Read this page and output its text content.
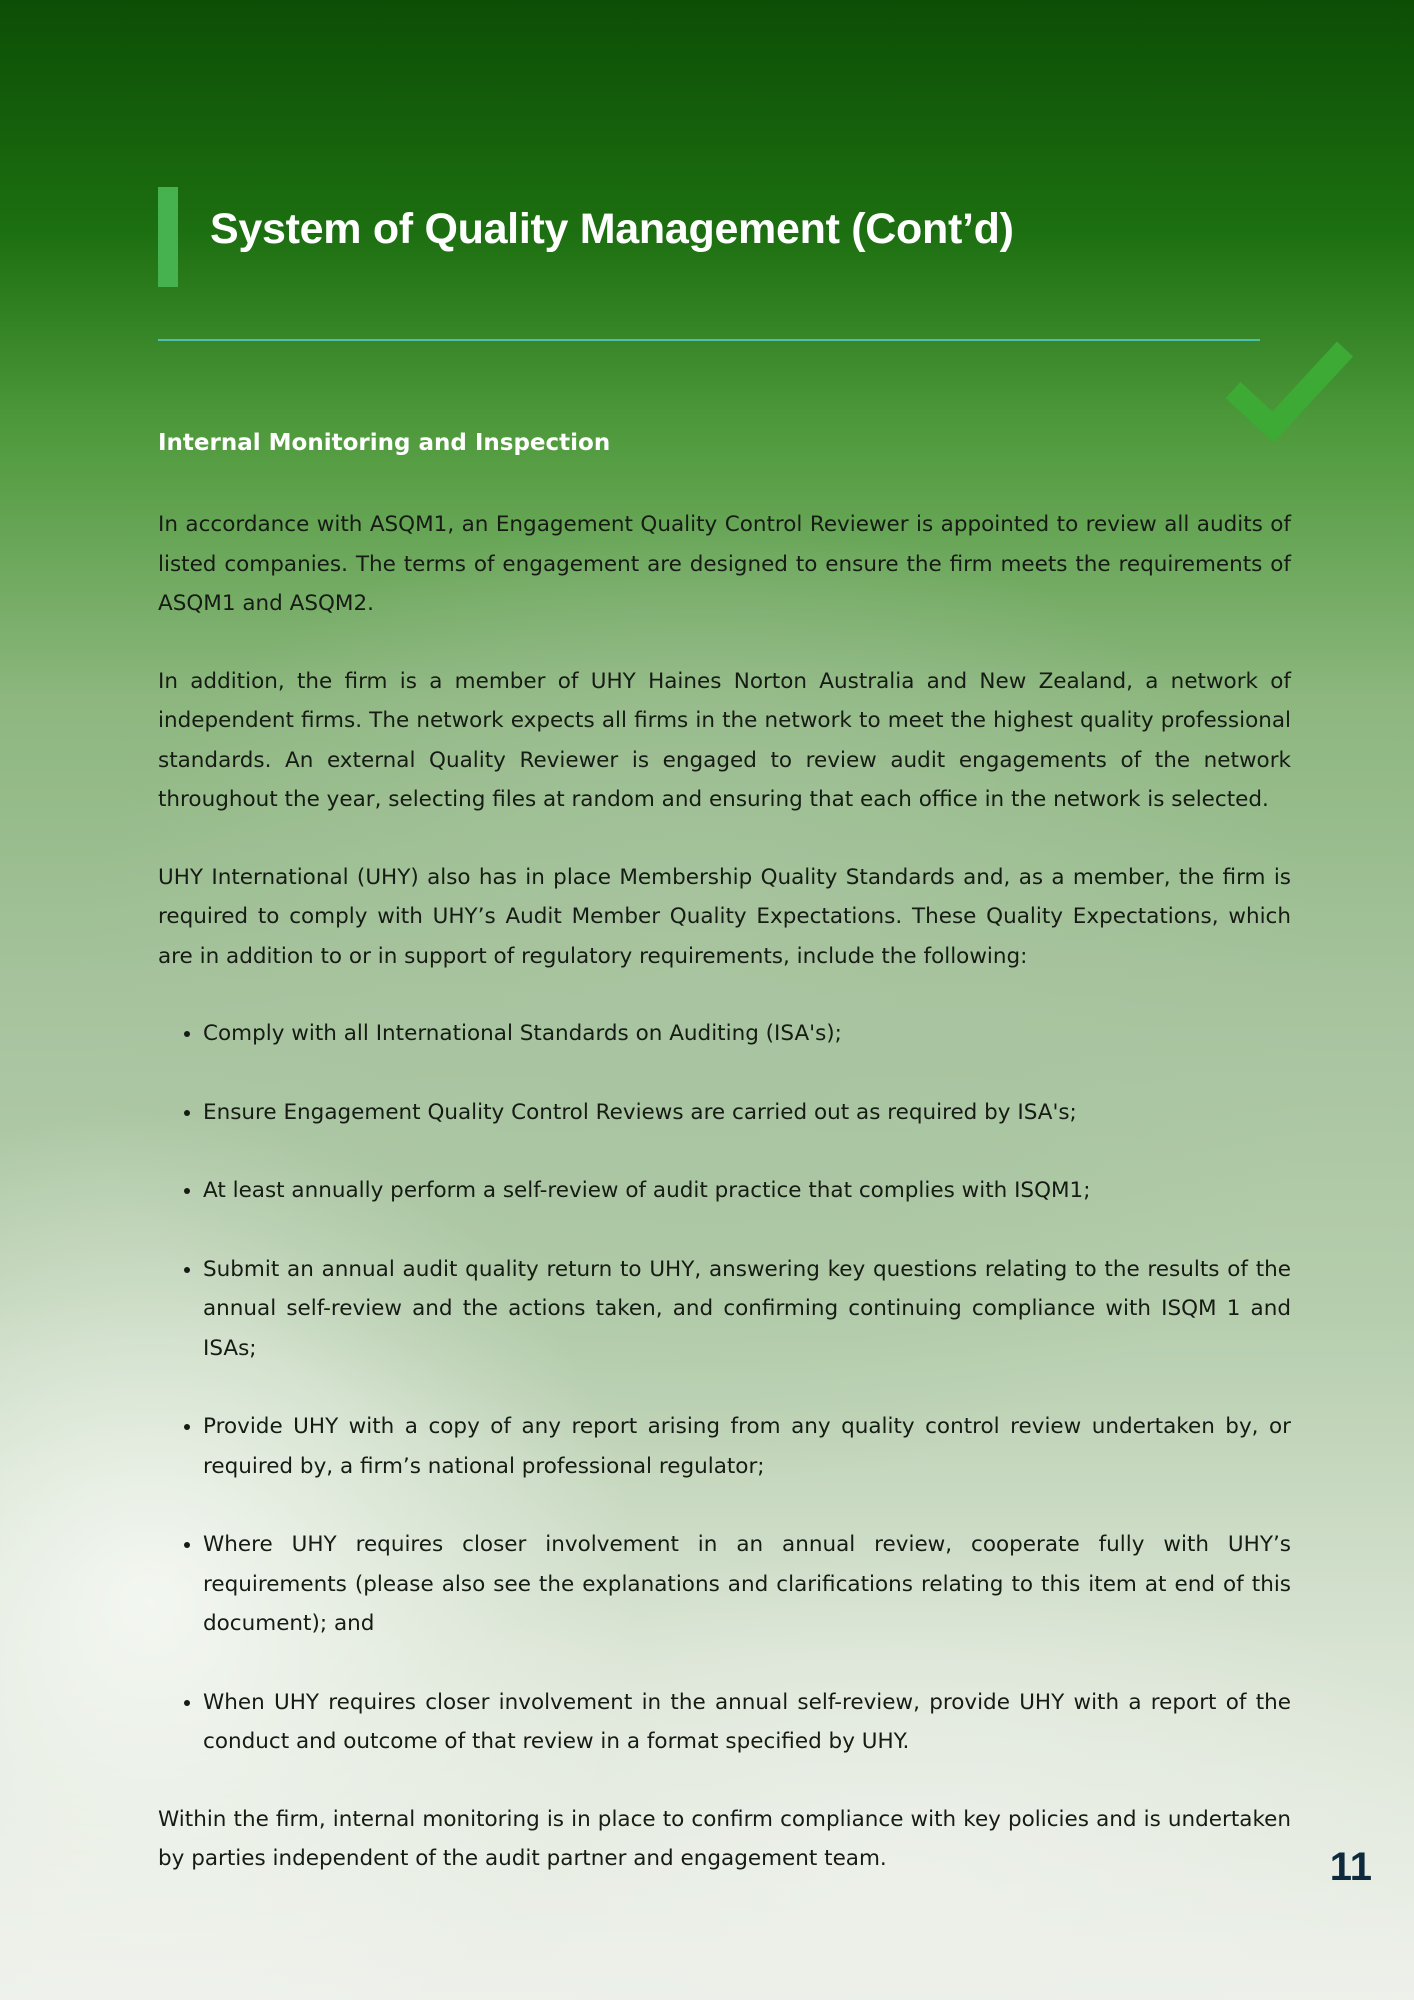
System of Quality Management (Cont’d)
Internal Monitoring and Inspection

In accordance with ASQM1, an Engagement Quality Control Reviewer is appointed to review all audits of listed companies. The terms of engagement are designed to ensure the firm meets the requirements of ASQM1 and ASQM2.

In addition, the firm is a member of UHY Haines Norton Australia and New Zealand, a network of independent firms. The network expects all firms in the network to meet the highest quality professional standards. An external Quality Reviewer is engaged to review audit engagements of the network throughout the year, selecting files at random and ensuring that each office in the network is selected.

UHY International (UHY) also has in place Membership Quality Standards and, as a member, the firm is required to comply with UHY’s Audit Member Quality Expectations. These Quality Expectations, which are in addition to or in support of regulatory requirements, include the following:

• Comply with all International Standards on Auditing (ISA's);
• Ensure Engagement Quality Control Reviews are carried out as required by ISA's;
• At least annually perform a self-review of audit practice that complies with ISQM1;
• Submit an annual audit quality return to UHY, answering key questions relating to the results of the annual self-review and the actions taken, and confirming continuing compliance with ISQM 1 and ISAs;
• Provide UHY with a copy of any report arising from any quality control review undertaken by, or required by, a firm’s national professional regulator;
• Where UHY requires closer involvement in an annual review, cooperate fully with UHY’s requirements (please also see the explanations and clarifications relating to this item at end of this document); and
• When UHY requires closer involvement in the annual self-review, provide UHY with a report of the conduct and outcome of that review in a format specified by UHY.

Within the firm, internal monitoring is in place to confirm compliance with key policies and is undertaken by parties independent of the audit partner and engagement team.	11
